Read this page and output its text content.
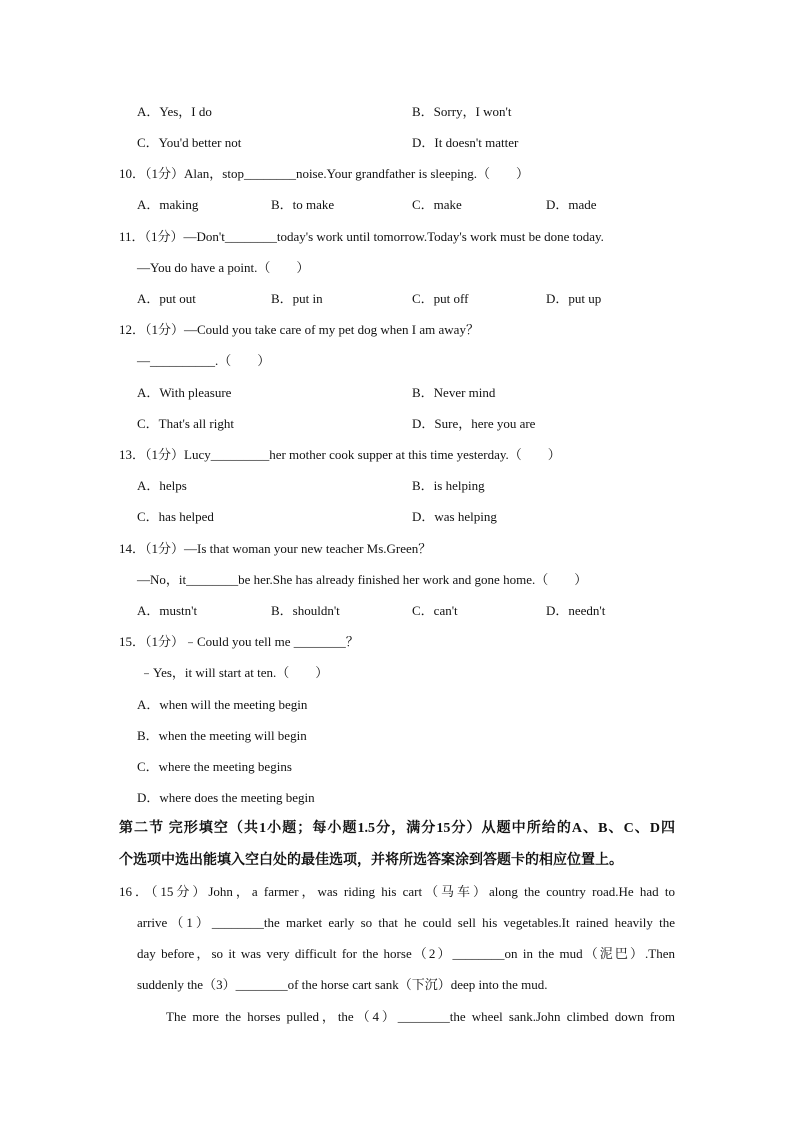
A．Yes，I do	B．Sorry，I won't
C．You'd better not	D．It doesn't matter
10．（1分）Alan，stop________noise.Your grandfather is sleeping.（　　）
A．making	B．to make	C．make	D．made
11．（1分）—Don't________today's work until tomorrow.Today's work must be done today.
—You do have a point.（　　）
A．put out	B．put in	C．put off	D．put up
12．（1分）—Could you take care of my pet dog when I am away？
—__________.（　　）
A．With pleasure	B．Never mind
C．That's all right	D．Sure，here you are
13．（1分）Lucy_________her mother cook supper at this time yesterday.（　　）
A．helps	B．is helping
C．has helped	D．was helping
14．（1分）—Is that woman your new teacher Ms.Green？
—No，it________be her.She has already finished her work and gone home.（　　）
A．mustn't	B．shouldn't	C．can't	D．needn't
15．（1分）﹣Could you tell me ________？
﹣Yes，it will start at ten.（　　）
A．when will the meeting begin
B．when the meeting will begin
C．where the meeting begins
D．where does the meeting begin
第二节 完形填空（共1小题；每小题1.5分，满分15分）从题中所给的A、B、C、D四
个选项中选出能填入空白处的最佳选项，并将所选答案涂到答题卡的相应位置上。
16．（15分）John，a farmer，was riding his cart（马车）along the country road.He had to
arrive（1）________the market early so that he could sell his vegetables.It rained heavily the
day before，so it was very difficult for the horse（2）________on in the mud（泥巴）.Then
suddenly the（3）________of the horse cart sank（下沉）deep into the mud.
The more the horses pulled，the（4）________the wheel sank.John climbed down from
